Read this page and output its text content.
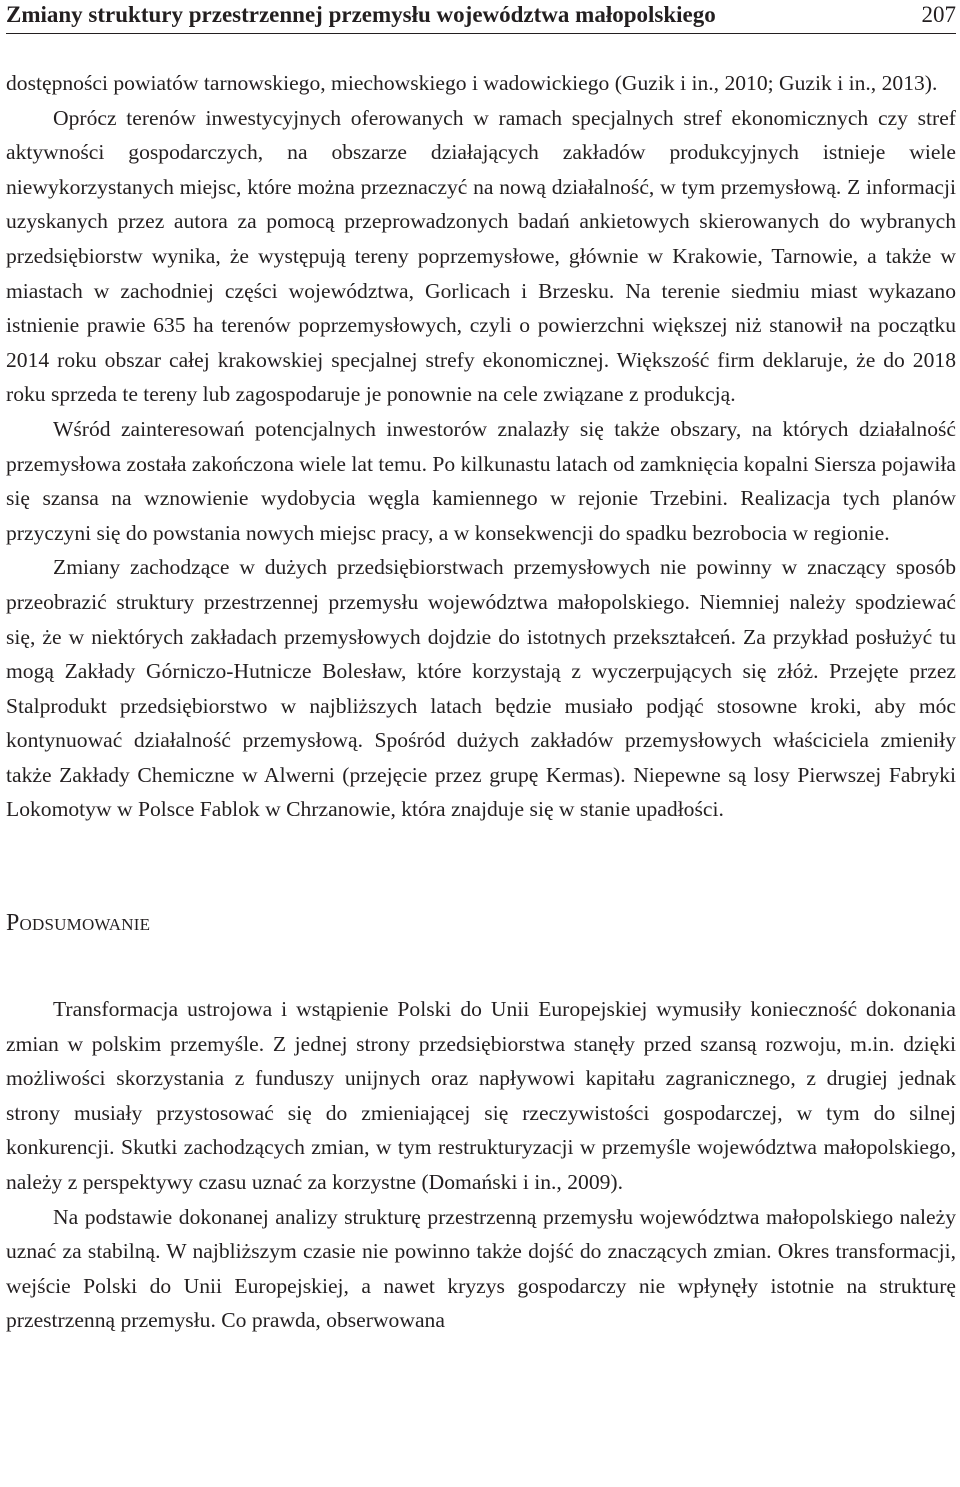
Zmiany struktury przestrzennej przemysłu województwa małopolskiego	207

dostępności powiatów tarnowskiego, miechowskiego i wadowickiego (Guzik i in., 2010; Guzik i in., 2013).

Oprócz terenów inwestycyjnych oferowanych w ramach specjalnych stref ekonomicznych czy stref aktywności gospodarczych, na obszarze działających zakładów produkcyjnych istnieje wiele niewykorzystanych miejsc, które można przeznaczyć na nową działalność, w tym przemysłową. Z informacji uzyskanych przez autora za pomocą przeprowadzonych badań ankietowych skierowanych do wybranych przedsiębiorstw wynika, że występują tereny poprzemysłowe, głównie w Krakowie, Tarnowie, a także w miastach w zachodniej części województwa, Gorlicach i Brzesku. Na terenie siedmiu miast wykazano istnienie prawie 635 ha terenów poprzemysłowych, czyli o powierzchni większej niż stanowił na początku 2014 roku obszar całej krakowskiej specjalnej strefy ekonomicznej. Większość firm deklaruje, że do 2018 roku sprzeda te tereny lub zagospodaruje je ponownie na cele związane z produkcją.

Wśród zainteresowań potencjalnych inwestorów znalazły się także obszary, na których działalność przemysłowa została zakończona wiele lat temu. Po kilkunastu latach od zamknięcia kopalni Siersza pojawiła się szansa na wznowienie wydobycia węgla kamiennego w rejonie Trzebini. Realizacja tych planów przyczyni się do powstania nowych miejsc pracy, a w konsekwencji do spadku bezrobocia w regionie.

Zmiany zachodzące w dużych przedsiębiorstwach przemysłowych nie powinny w znaczący sposób przeobrazić struktury przestrzennej przemysłu województwa małopolskiego. Niemniej należy spodziewać się, że w niektórych zakładach przemysłowych dojdzie do istotnych przekształceń. Za przykład posłużyć tu mogą Zakłady Górniczo-Hutnicze Bolesław, które korzystają z wyczerpujących się złóż. Przejęte przez Stalprodukt przedsiębiorstwo w najbliższych latach będzie musiało podjąć stosowne kroki, aby móc kontynuować działalność przemysłową. Spośród dużych zakładów przemysłowych właściciela zmieniły także Zakłady Chemiczne w Alwerni (przejęcie przez grupę Kermas). Niepewne są losy Pierwszej Fabryki Lokomotyw w Polsce Fablok w Chrzanowie, która znajduje się w stanie upadłości.

Podsumowanie

Transformacja ustrojowa i wstąpienie Polski do Unii Europejskiej wymusiły konieczność dokonania zmian w polskim przemyśle. Z jednej strony przedsiębiorstwa stanęły przed szansą rozwoju, m.in. dzięki możliwości skorzystania z funduszy unijnych oraz napływowi kapitału zagranicznego, z drugiej jednak strony musiały przystosować się do zmieniającej się rzeczywistości gospodarczej, w tym do silnej konkurencji. Skutki zachodzących zmian, w tym restrukturyzacji w przemyśle województwa małopolskiego, należy z perspektywy czasu uznać za korzystne (Domański i in., 2009).

Na podstawie dokonanej analizy strukturę przestrzenną przemysłu województwa małopolskiego należy uznać za stabilną. W najbliższym czasie nie powinno także dojść do znaczących zmian. Okres transformacji, wejście Polski do Unii Europejskiej, a nawet kryzys gospodarczy nie wpłynęły istotnie na strukturę przestrzenną przemysłu. Co prawda, obserwowana
